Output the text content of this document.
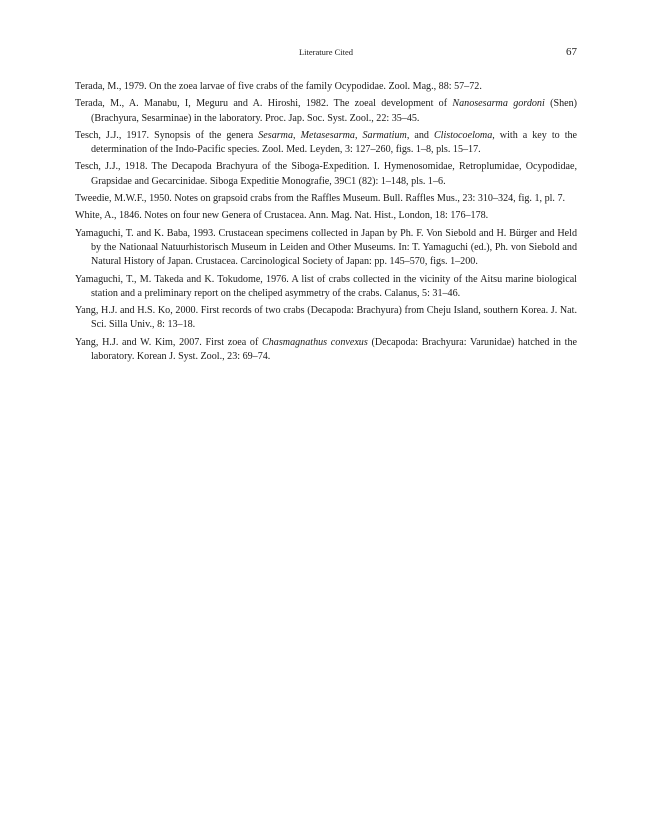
Literature Cited	67
Terada, M., 1979. On the zoea larvae of five crabs of the family Ocypodidae. Zool. Mag., 88: 57–72.
Terada, M., A. Manabu, I, Meguru and A. Hiroshi, 1982. The zoeal development of Nanosesarma gordoni (Shen) (Brachyura, Sesarminae) in the laboratory. Proc. Jap. Soc. Syst. Zool., 22: 35–45.
Tesch, J.J., 1917. Synopsis of the genera Sesarma, Metasesarma, Sarmatium, and Clistocoeloma, with a key to the determination of the Indo-Pacific species. Zool. Med. Leyden, 3: 127–260, figs. 1–8, pls. 15–17.
Tesch, J.J., 1918. The Decapoda Brachyura of the Siboga-Expedition. I. Hymenosomidae, Retroplumidae, Ocypodidae, Grapsidae and Gecarcinidae. Siboga Expeditie Monografie, 39C1 (82): 1–148, pls. 1–6.
Tweedie, M.W.F., 1950. Notes on grapsoid crabs from the Raffles Museum. Bull. Raffles Mus., 23: 310–324, fig. 1, pl. 7.
White, A., 1846. Notes on four new Genera of Crustacea. Ann. Mag. Nat. Hist., London, 18: 176–178.
Yamaguchi, T. and K. Baba, 1993. Crustacean specimens collected in Japan by Ph. F. Von Siebold and H. Bürger and Held by the Nationaal Natuurhistorisch Museum in Leiden and Other Museums. In: T. Yamaguchi (ed.), Ph. von Siebold and Natural History of Japan. Crustacea. Carcinological Society of Japan: pp. 145–570, figs. 1–200.
Yamaguchi, T., M. Takeda and K. Tokudome, 1976. A list of crabs collected in the vicinity of the Aitsu marine biological station and a preliminary report on the cheliped asymmetry of the crabs. Calanus, 5: 31–46.
Yang, H.J. and H.S. Ko, 2000. First records of two crabs (Decapoda: Brachyura) from Cheju Island, southern Korea. J. Nat. Sci. Silla Univ., 8: 13–18.
Yang, H.J. and W. Kim, 2007. First zoea of Chasmagnathus convexus (Decapoda: Brachyura: Varunidae) hatched in the laboratory. Korean J. Syst. Zool., 23: 69–74.
